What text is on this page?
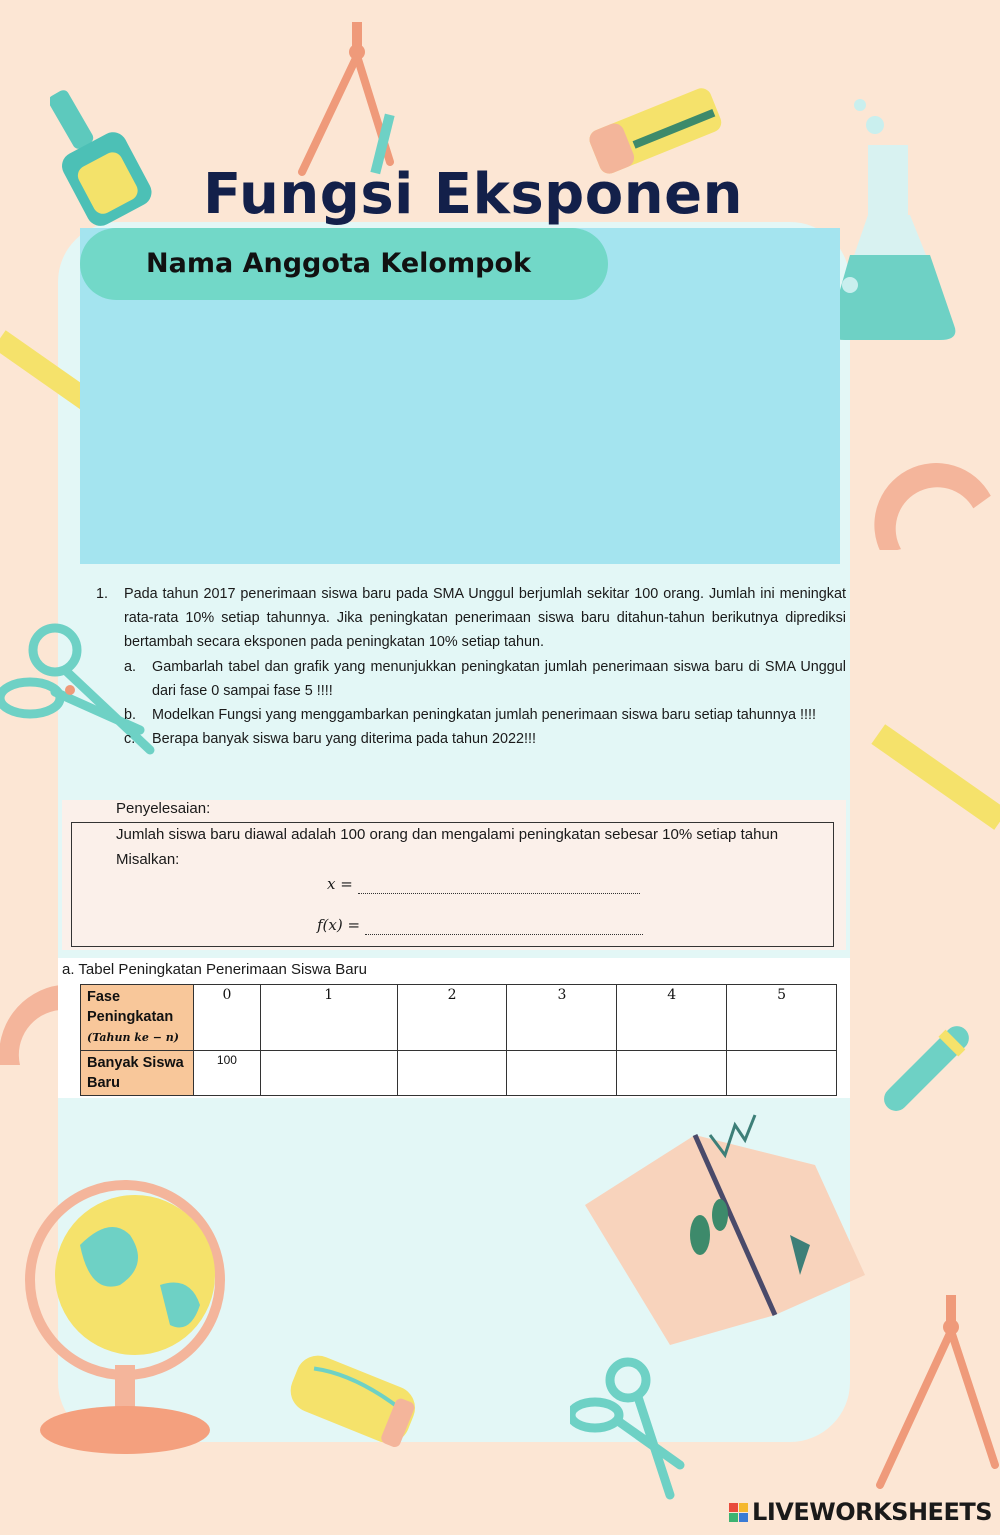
Fungsi Eksponen
Nama Anggota Kelompok
1.	Pada tahun 2017 penerimaan siswa baru pada SMA Unggul berjumlah sekitar 100 orang. Jumlah ini meningkat rata-rata 10% setiap tahunnya. Jika peningkatan penerimaan siswa baru ditahun-tahun berikutnya diprediksi bertambah secara eksponen pada peningkatan 10% setiap tahun.
a.	Gambarlah tabel dan grafik yang menunjukkan peningkatan jumlah penerimaan siswa baru di SMA Unggul dari fase 0 sampai fase 5 !!!!
b.	Modelkan Fungsi yang menggambarkan peningkatan jumlah penerimaan siswa baru setiap tahunnya !!!!
c.	Berapa banyak siswa baru yang diterima pada tahun 2022!!!
Penyelesaian:
Jumlah siswa baru diawal adalah 100 orang dan mengalami peningkatan sebesar 10% setiap tahun
Misalkan:
x =
f(x) =
a. Tabel Peningkatan Penerimaan Siswa Baru
Fase Peningkatan
(Tahun ke − n)	0	1	2	3	4	5
Banyak Siswa Baru	100					
LIVEWORKSHEETS
